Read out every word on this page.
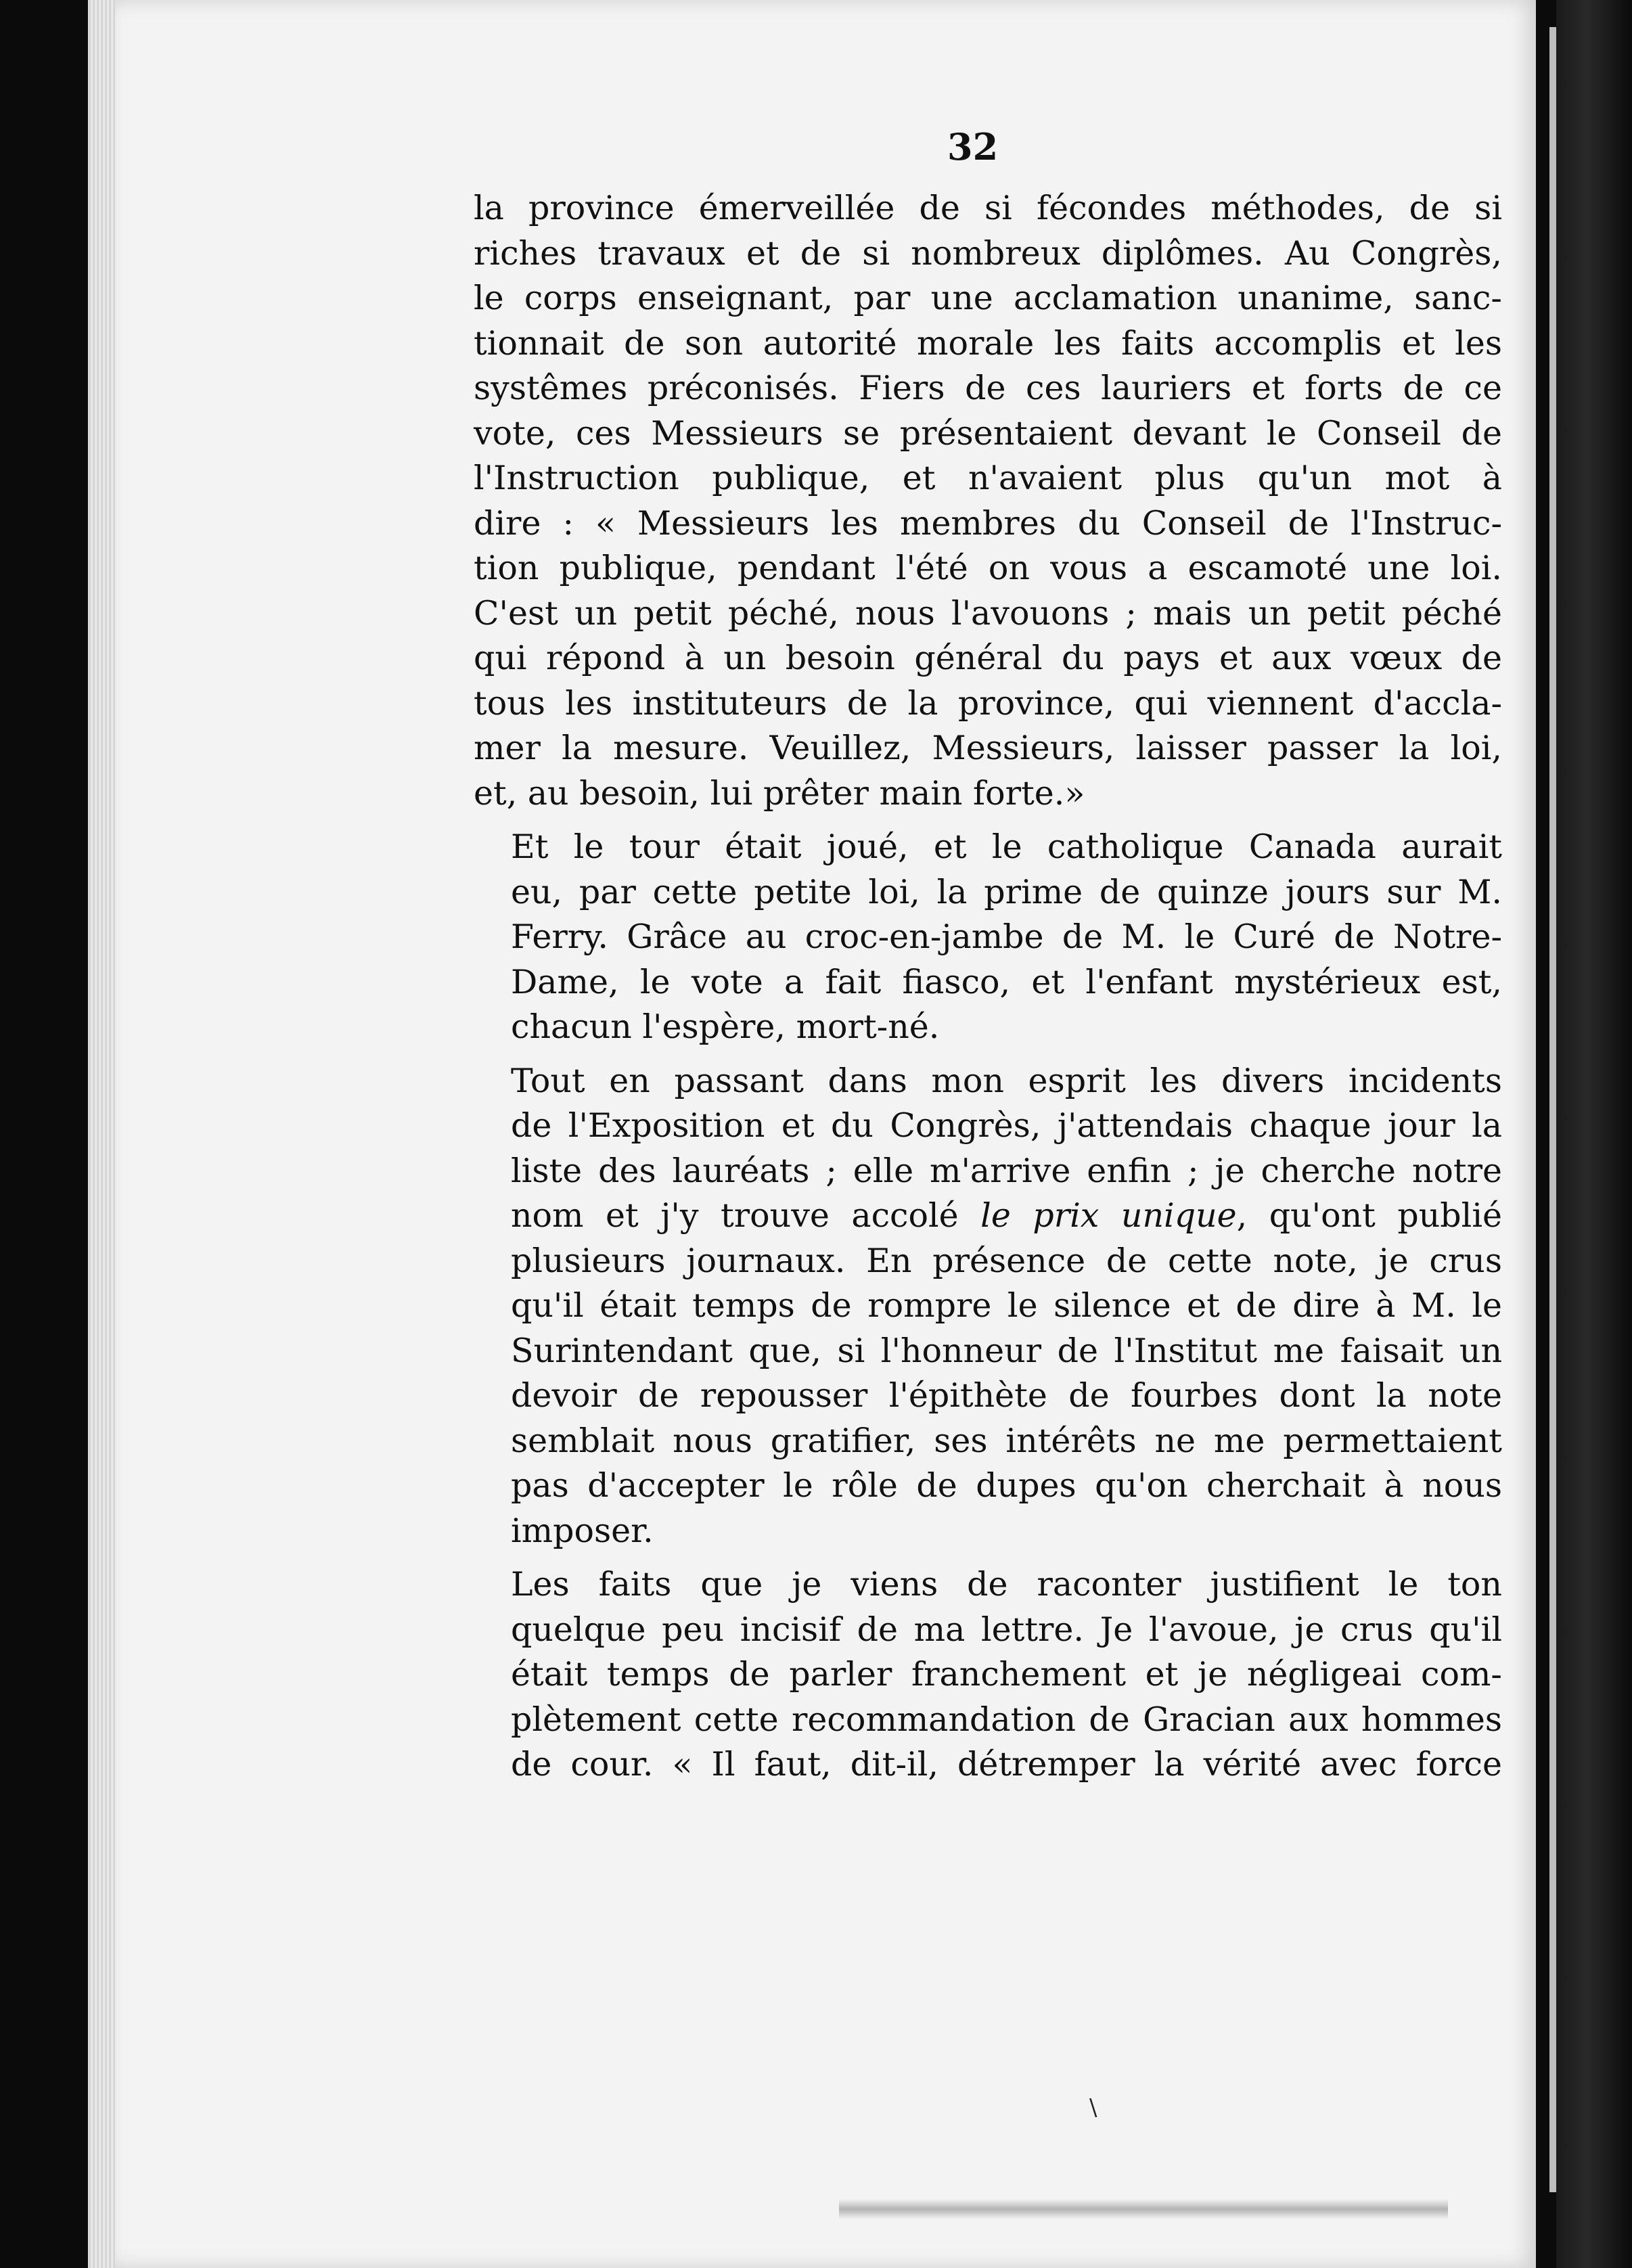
32

la province émerveillée de si fécondes méthodes, de si
riches travaux et de si nombreux diplômes. Au Congrès,
le corps enseignant, par une acclamation unanime, sanc-
tionnait de son autorité morale les faits accomplis et les
systêmes préconisés. Fiers de ces lauriers et forts de ce
vote, ces Messieurs se présentaient devant le Conseil de
l'Instruction publique, et n'avaient plus qu'un mot à
dire : « Messieurs les membres du Conseil de l'Instruc-
tion publique, pendant l'été on vous a escamoté une loi.
C'est un petit péché, nous l'avouons ; mais un petit péché
qui répond à un besoin général du pays et aux vœux de
tous les instituteurs de la province, qui viennent d'accla-
mer la mesure. Veuillez, Messieurs, laisser passer la loi,
et, au besoin, lui prêter main forte.»

Et le tour était joué, et le catholique Canada aurait
eu, par cette petite loi, la prime de quinze jours sur M.
Ferry. Grâce au croc-en-jambe de M. le Curé de Notre-
Dame, le vote a fait fiasco, et l'enfant mystérieux est,
chacun l'espère, mort-né.

Tout en passant dans mon esprit les divers incidents
de l'Exposition et du Congrès, j'attendais chaque jour la
liste des lauréats ; elle m'arrive enfin ; je cherche notre
nom et j'y trouve accolé le prix unique, qu'ont publié
plusieurs journaux. En présence de cette note, je crus
qu'il était temps de rompre le silence et de dire à M. le
Surintendant que, si l'honneur de l'Institut me faisait un
devoir de repousser l'épithète de fourbes dont la note
semblait nous gratifier, ses intérêts ne me permettaient
pas d'accepter le rôle de dupes qu'on cherchait à nous
imposer.

Les faits que je viens de raconter justifient le ton
quelque peu incisif de ma lettre. Je l'avoue, je crus qu'il
était temps de parler franchement et je négligeai com-
plètement cette recommandation de Gracian aux hommes
de cour. « Il faut, dit-il, détremper la vérité avec force

\
